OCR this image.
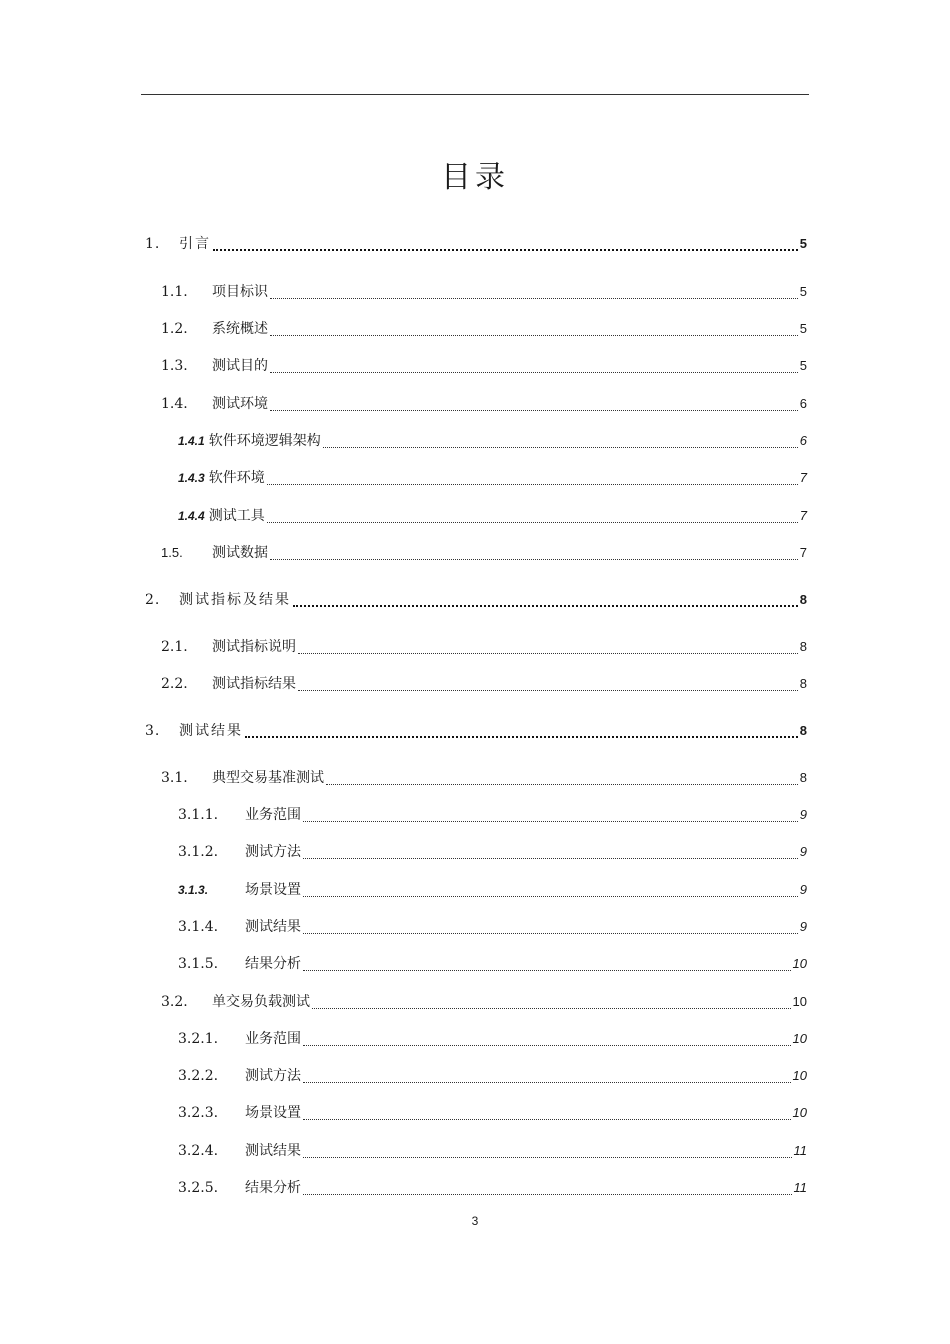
目录
1.	引言	5
1.1.	项目标识	5
1.2.	系统概述	5
1.3.	测试目的	5
1.4.	测试环境	6
1.4.1 软件环境逻辑架构	6
1.4.3 软件环境	7
1.4.4 测试工具	7
1.5.	测试数据	7
2.	测试指标及结果	8
2.1.	测试指标说明	8
2.2.	测试指标结果	8
3.	测试结果	8
3.1.	典型交易基准测试	8
3.1.1.	业务范围	9
3.1.2.	测试方法	9
3.1.3.	场景设置	9
3.1.4.	测试结果	9
3.1.5.	结果分析	10
3.2.	单交易负载测试	10
3.2.1.	业务范围	10
3.2.2.	测试方法	10
3.2.3.	场景设置	10
3.2.4.	测试结果	11
3.2.5.	结果分析	11
3
